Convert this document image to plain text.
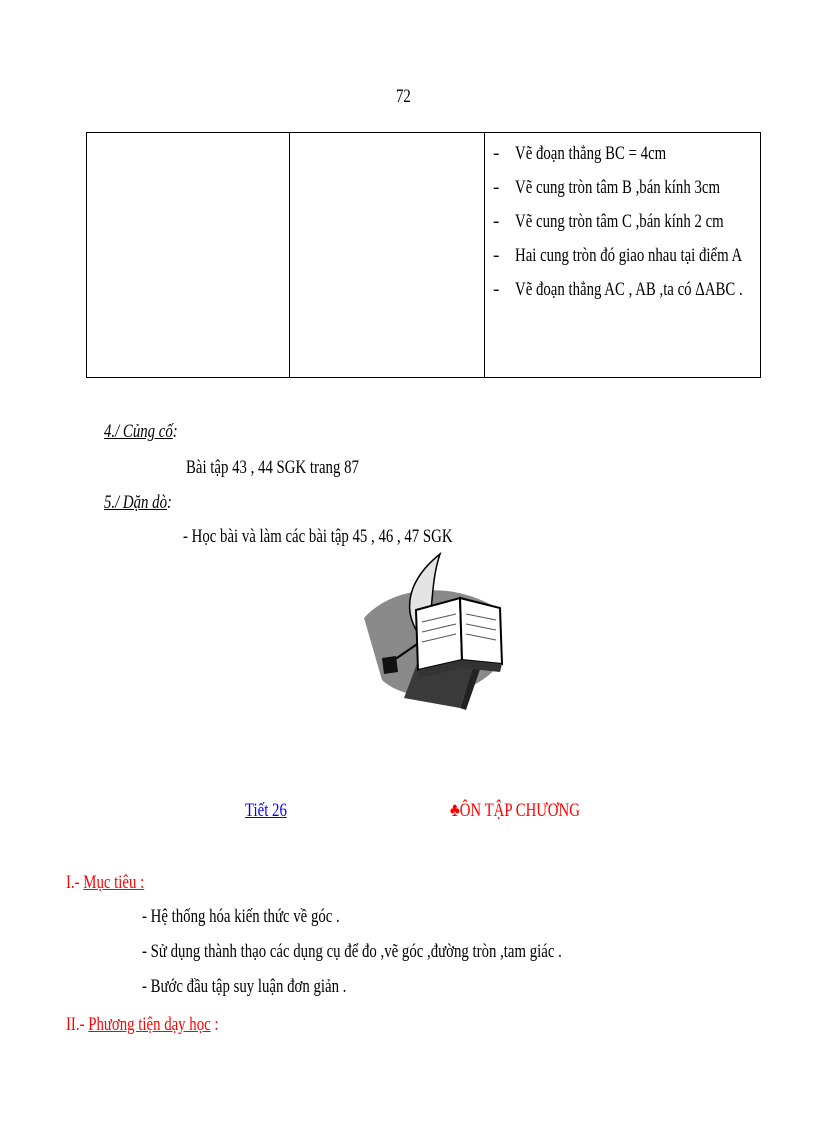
72

- Vẽ đoạn thẳng BC = 4cm
- Vẽ cung tròn tâm B ,bán kính 3cm
- Vẽ cung tròn tâm C ,bán kính 2 cm
- Hai cung tròn đó giao nhau tại điểm A
- Vẽ đoạn thẳng AC , AB ,ta có ΔABC .
4./ Củng cố:
Bài tập 43 , 44 SGK trang 87
5./ Dặn dò:
- Học bài và làm các bài tập 45 , 46 , 47 SGK
Tiết 26	♣ÔN TẬP CHƯƠNG
I.- Mục tiêu :
- Hệ thống hóa kiến thức về góc .
- Sử dụng thành thạo các dụng cụ để đo ,vẽ góc ,đường tròn ,tam giác .
- Bước đầu tập suy luận đơn giản .
II.- Phương tiện dạy học :
